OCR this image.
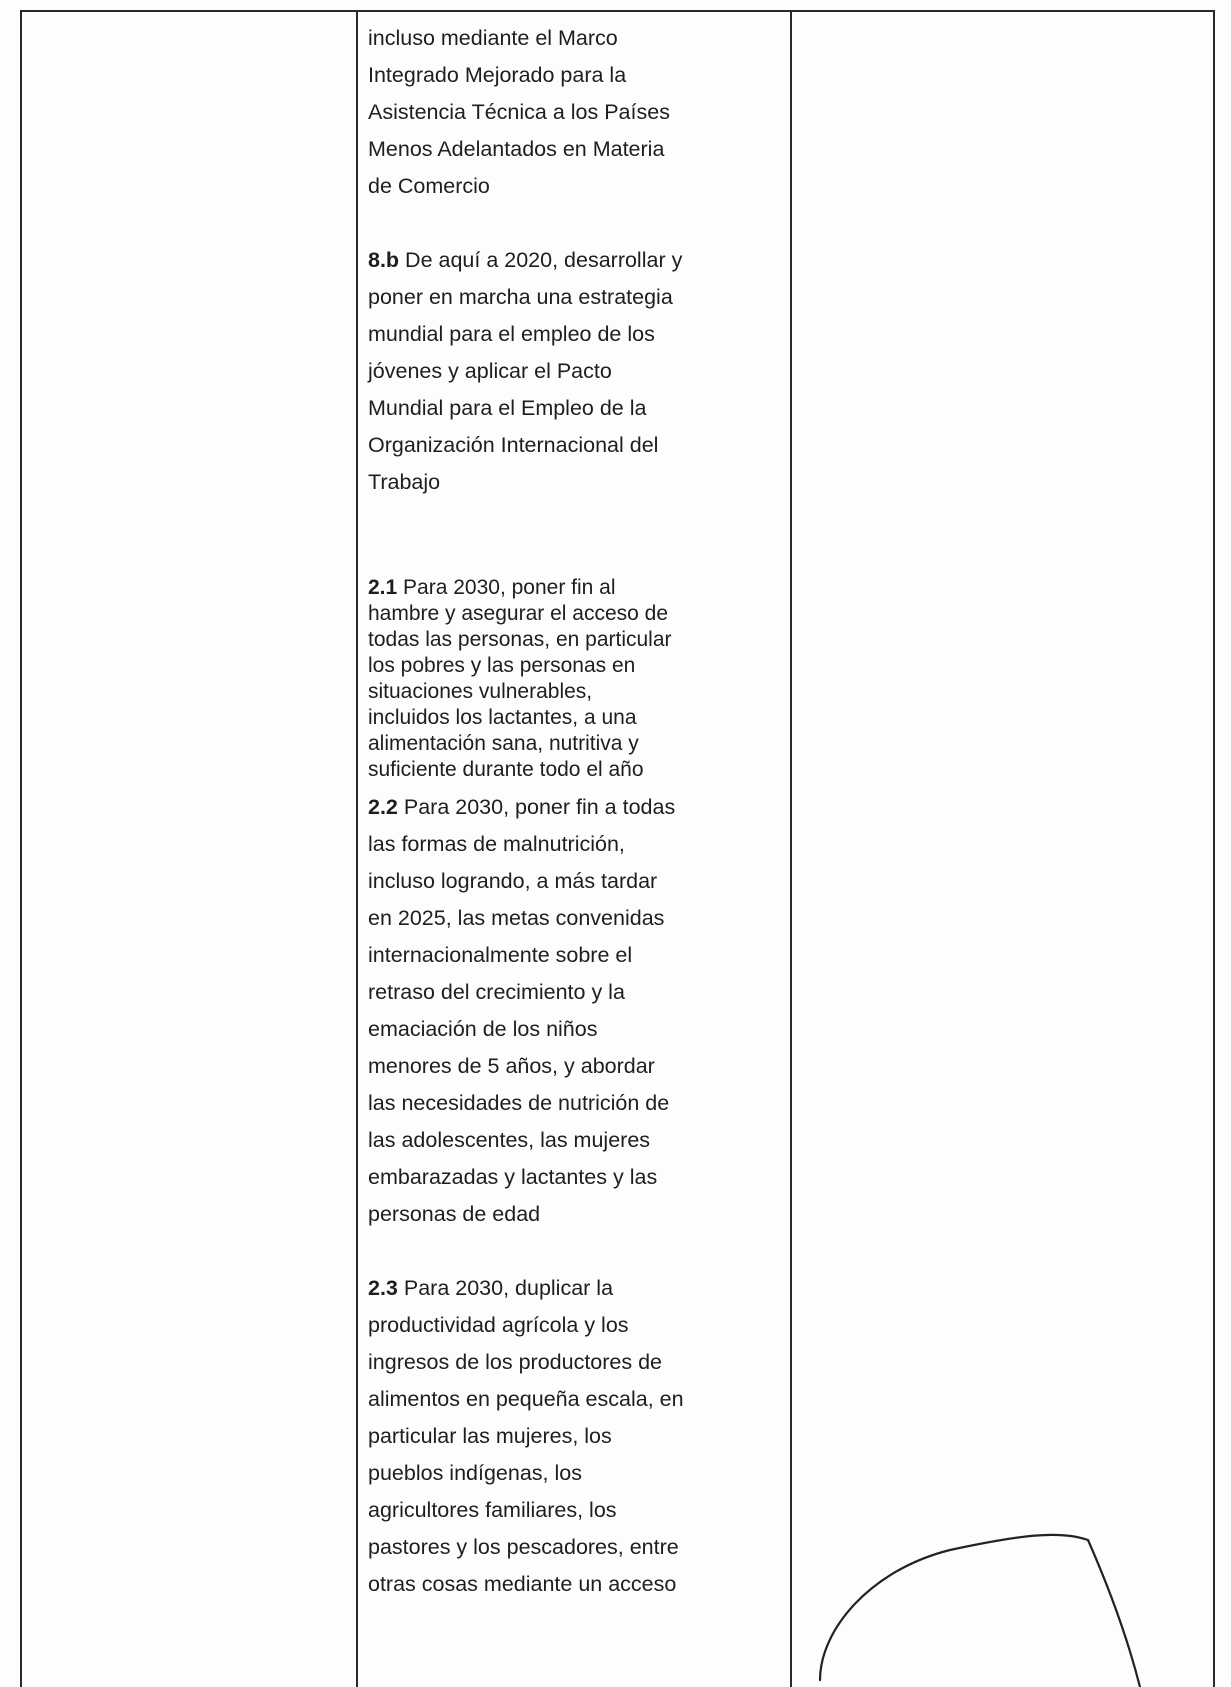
incluso mediante el Marco
Integrado Mejorado para la
Asistencia Técnica a los Países
Menos Adelantados en Materia
de Comercio

8.b De aquí a 2020, desarrollar y
poner en marcha una estrategia
mundial para el empleo de los
jóvenes y aplicar el Pacto
Mundial para el Empleo de la
Organización Internacional del
Trabajo

2.1 Para 2030, poner fin al
hambre y asegurar el acceso de
todas las personas, en particular
los pobres y las personas en
situaciones vulnerables,
incluidos los lactantes, a una
alimentación sana, nutritiva y
suficiente durante todo el año

2.2 Para 2030, poner fin a todas
las formas de malnutrición,
incluso logrando, a más tardar
en 2025, las metas convenidas
internacionalmente sobre el
retraso del crecimiento y la
emaciación de los niños
menores de 5 años, y abordar
las necesidades de nutrición de
las adolescentes, las mujeres
embarazadas y lactantes y las
personas de edad

2.3 Para 2030, duplicar la
productividad agrícola y los
ingresos de los productores de
alimentos en pequeña escala, en
particular las mujeres, los
pueblos indígenas, los
agricultores familiares, los
pastores y los pescadores, entre
otras cosas mediante un acceso
